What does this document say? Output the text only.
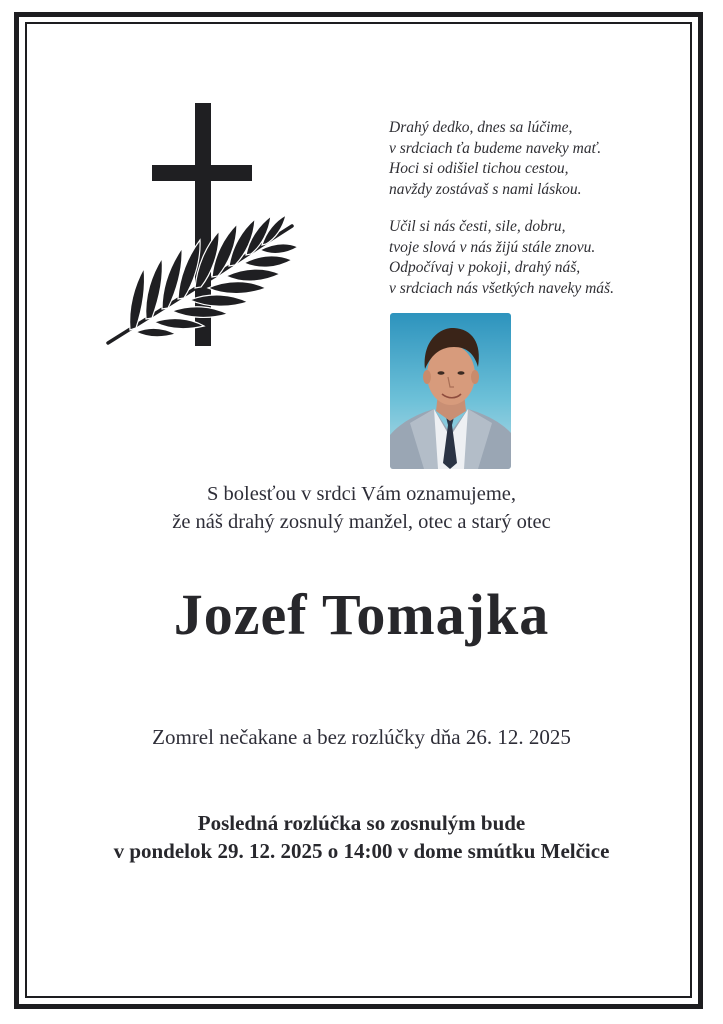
Drahý dedko, dnes sa lúčime,
v srdciach ťa budeme naveky mať.
Hoci si odišiel tichou cestou,
navždy zostávaš s nami láskou.
Učil si nás česti, sile, dobru,
tvoje slová v nás žijú stále znovu.
Odpočívaj v pokoji, drahý náš,
v srdciach nás všetkých naveky máš.
S bolesťou v srdci Vám oznamujeme,
že náš drahý zosnulý manžel, otec a starý otec
Jozef Tomajka
Zomrel nečakane a bez rozlúčky dňa 26. 12. 2025
Posledná rozlúčka so zosnulým bude
v pondelok 29. 12. 2025 o 14:00 v dome smútku Melčice
